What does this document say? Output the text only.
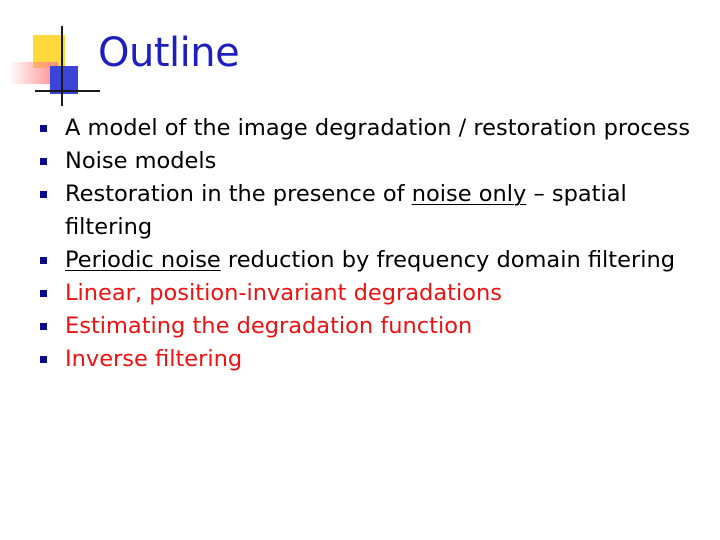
Outline
A model of the image degradation / restoration process
Noise models
Restoration in the presence of noise only – spatial filtering
Periodic noise reduction by frequency domain filtering
Linear, position-invariant degradations
Estimating the degradation function
Inverse filtering
